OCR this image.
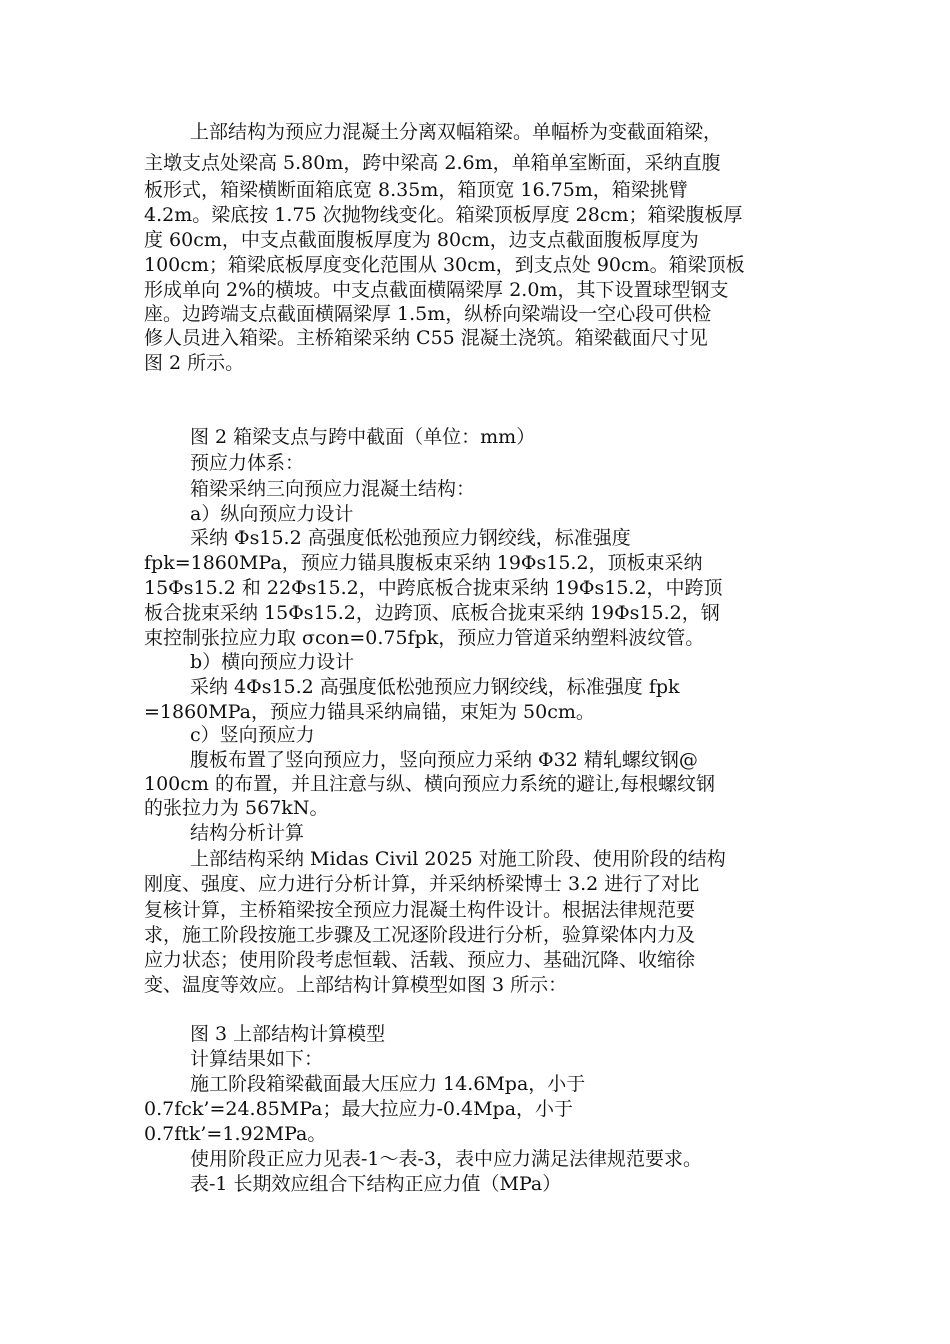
上部结构为预应力混凝土分离双幅箱梁。单幅桥为变截面箱梁，
主墩支点处梁高 5.80m，跨中梁高 2.6m，单箱单室断面，采纳直腹
板形式，箱梁横断面箱底宽 8.35m，箱顶宽 16.75m，箱梁挑臂
4.2m。梁底按 1.75 次抛物线变化。箱梁顶板厚度 28cm；箱梁腹板厚
度 60cm，中支点截面腹板厚度为 80cm，边支点截面腹板厚度为
100cm；箱梁底板厚度变化范围从 30cm，到支点处 90cm。箱梁顶板
形成单向 2%的横坡。中支点截面横隔梁厚 2.0m，其下设置球型钢支
座。边跨端支点截面横隔梁厚 1.5m，纵桥向梁端设一空心段可供检
修人员进入箱梁。主桥箱梁采纳 C55 混凝土浇筑。箱梁截面尺寸见
图 2 所示。
图 2 箱梁支点与跨中截面（单位：mm）
预应力体系：
箱梁采纳三向预应力混凝土结构：
a）纵向预应力设计
采纳 Φs15.2 高强度低松弛预应力钢绞线，标准强度
fpk=1860MPa，预应力锚具腹板束采纳 19Φs15.2，顶板束采纳
15Φs15.2 和 22Φs15.2，中跨底板合拢束采纳 19Φs15.2，中跨顶
板合拢束采纳 15Φs15.2，边跨顶、底板合拢束采纳 19Φs15.2，钢
束控制张拉应力取 σcon=0.75fpk，预应力管道采纳塑料波纹管。
b）横向预应力设计
采纳 4Φs15.2 高强度低松弛预应力钢绞线，标准强度 fpk
=1860MPa，预应力锚具采纳扁锚，束矩为 50cm。
c）竖向预应力
腹板布置了竖向预应力，竖向预应力采纳 Φ32 精轧螺纹钢@
100cm 的布置，并且注意与纵、横向预应力系统的避让,每根螺纹钢
的张拉力为 567kN。
结构分析计算
上部结构采纳 Midas Civil 2025 对施工阶段、使用阶段的结构
刚度、强度、应力进行分析计算，并采纳桥梁博士 3.2 进行了对比
复核计算，主桥箱梁按全预应力混凝土构件设计。根据法律规范要
求，施工阶段按施工步骤及工况逐阶段进行分析，验算梁体内力及
应力状态；使用阶段考虑恒载、活载、预应力、基础沉降、收缩徐
变、温度等效应。上部结构计算模型如图 3 所示：
图 3 上部结构计算模型
计算结果如下：
施工阶段箱梁截面最大压应力 14.6Mpa，小于
0.7fck’=24.85MPa；最大拉应力-0.4Mpa，小于
0.7ftk’=1.92MPa。
使用阶段正应力见表-1～表-3，表中应力满足法律规范要求。
表-1 长期效应组合下结构正应力值（MPa）
